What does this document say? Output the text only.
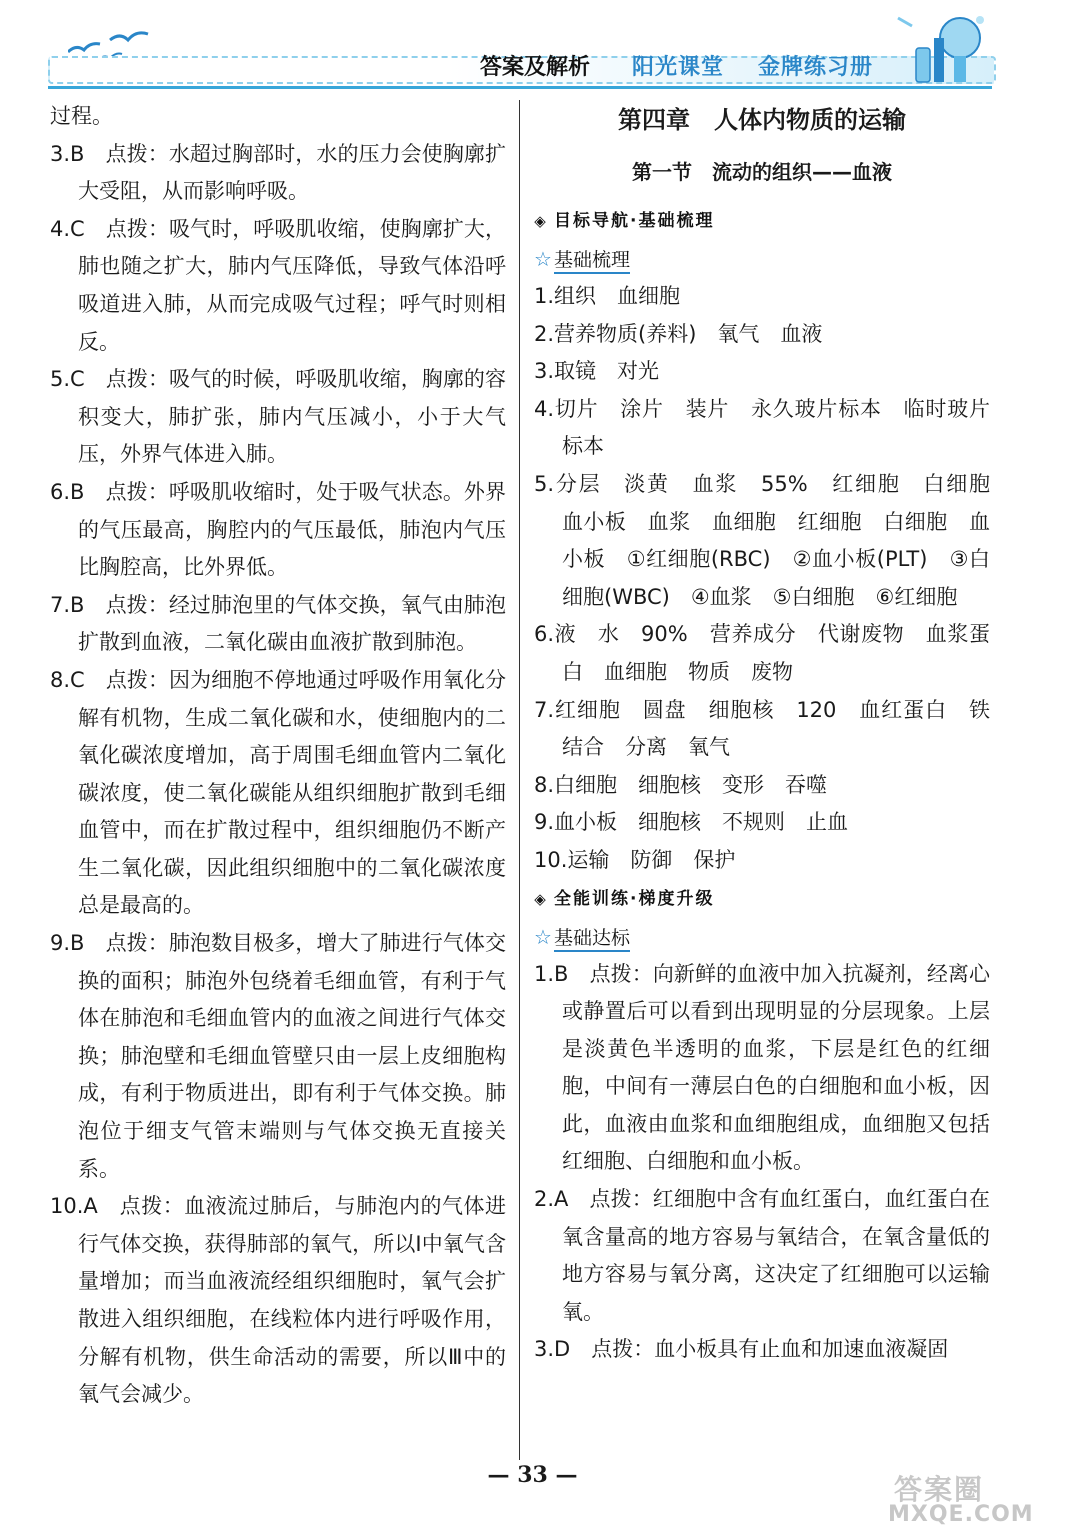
答案及解析 阳光课堂 金牌练习册
过程。
3.B　点拨：水超过胸部时，水的压力会使胸廓扩大受阻，从而影响呼吸。
4.C　点拨：吸气时，呼吸肌收缩，使胸廓扩大，肺也随之扩大，肺内气压降低，导致气体沿呼吸道进入肺，从而完成吸气过程；呼气时则相反。
5.C　点拨：吸气的时候，呼吸肌收缩，胸廓的容积变大，肺扩张，肺内气压减小，小于大气压，外界气体进入肺。
6.B　点拨：呼吸肌收缩时，处于吸气状态。外界的气压最高，胸腔内的气压最低，肺泡内气压比胸腔高，比外界低。
7.B　点拨：经过肺泡里的气体交换，氧气由肺泡扩散到血液，二氧化碳由血液扩散到肺泡。
8.C　点拨：因为细胞不停地通过呼吸作用氧化分解有机物，生成二氧化碳和水，使细胞内的二氧化碳浓度增加，高于周围毛细血管内二氧化碳浓度，使二氧化碳能从组织细胞扩散到毛细血管中，而在扩散过程中，组织细胞仍不断产生二氧化碳，因此组织细胞中的二氧化碳浓度总是最高的。
9.B　点拨：肺泡数目极多，增大了肺进行气体交换的面积；肺泡外包绕着毛细血管，有利于气体在肺泡和毛细血管内的血液之间进行气体交换；肺泡壁和毛细血管壁只由一层上皮细胞构成，有利于物质进出，即有利于气体交换。肺泡位于细支气管末端则与气体交换无直接关系。
10.A　点拨：血液流过肺后，与肺泡内的气体进行气体交换，获得肺部的氧气，所以Ⅰ中氧气含量增加；而当血液流经组织细胞时，氧气会扩散进入组织细胞，在线粒体内进行呼吸作用，分解有机物，供生命活动的需要，所以Ⅲ中的氧气会减少。
第四章　人体内物质的运输
第一节　流动的组织——血液
◈ 目标导航·基础梳理
☆ 基础梳理
1.组织　血细胞
2.营养物质(养料)　氧气　血液
3.取镜　对光
4.切片　涂片　装片　永久玻片标本　临时玻片标本
5.分层　淡黄　血浆　55%　红细胞　白细胞　血小板　血浆　血细胞　红细胞　白细胞　血小板　①红细胞(RBC)　②血小板(PLT)　③白细胞(WBC)　④血浆　⑤白细胞　⑥红细胞
6.液　水　90%　营养成分　代谢废物　血浆蛋白　血细胞　物质　废物
7.红细胞　圆盘　细胞核　120　血红蛋白　铁　结合　分离　氧气
8.白细胞　细胞核　变形　吞噬
9.血小板　细胞核　不规则　止血
10.运输　防御　保护
◈ 全能训练·梯度升级
☆ 基础达标
1.B　点拨：向新鲜的血液中加入抗凝剂，经离心或静置后可以看到出现明显的分层现象。上层是淡黄色半透明的血浆，下层是红色的红细胞，中间有一薄层白色的白细胞和血小板，因此，血液由血浆和血细胞组成，血细胞又包括红细胞、白细胞和血小板。
2.A　点拨：红细胞中含有血红蛋白，血红蛋白在氧含量高的地方容易与氧结合，在氧含量低的地方容易与氧分离，这决定了红细胞可以运输氧。
3.D　点拨：血小板具有止血和加速血液凝固
— 33 —	答案圈
MXQE.COM
